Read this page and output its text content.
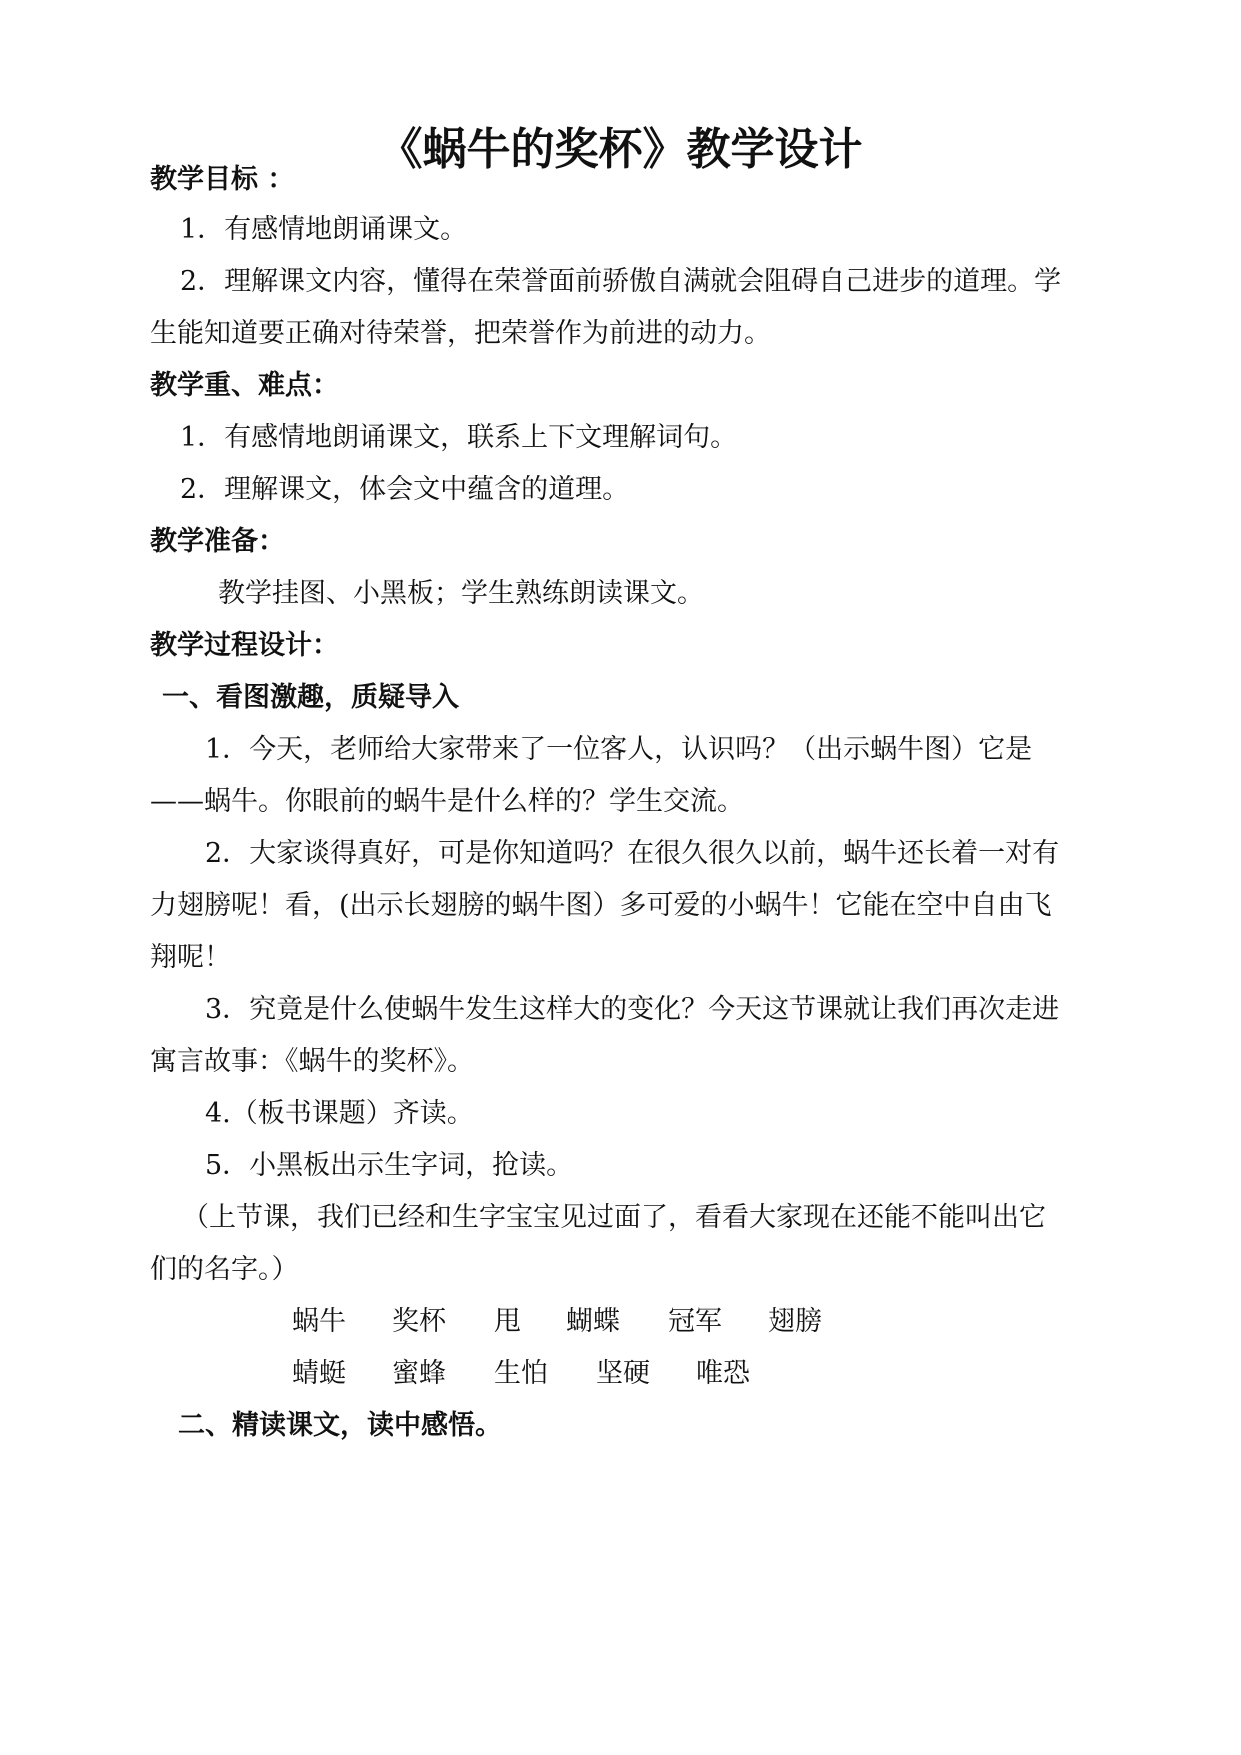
《蜗牛的奖杯》教学设计
教学目标 ：
1．有感情地朗诵课文。
2．理解课文内容，懂得在荣誉面前骄傲自满就会阻碍自己进步的道理。学
生能知道要正确对待荣誉，把荣誉作为前进的动力。
教学重、难点：
1．有感情地朗诵课文，联系上下文理解词句。
2．理解课文，体会文中蕴含的道理。
教学准备：
教学挂图、小黑板；学生熟练朗读课文。
教学过程设计：
一、看图激趣，质疑导入
1．今天，老师给大家带来了一位客人，认识吗？（出示蜗牛图）它是
——蜗牛。你眼前的蜗牛是什么样的？学生交流。
2．大家谈得真好，可是你知道吗？在很久很久以前，蜗牛还长着一对有
力翅膀呢！看，(出示长翅膀的蜗牛图）多可爱的小蜗牛！它能在空中自由飞
翔呢！
3．究竟是什么使蜗牛发生这样大的变化？今天这节课就让我们再次走进
寓言故事：《蜗牛的奖杯》。
4.（板书课题）齐读。
5．小黑板出示生字词，抢读。
（上节课，我们已经和生字宝宝见过面了，看看大家现在还能不能叫出它
们的名字。）
蜗牛 奖杯 甩 蝴蝶 冠军 翅膀
蜻蜓 蜜蜂 生怕 坚硬 唯恐
二、精读课文，读中感悟。
